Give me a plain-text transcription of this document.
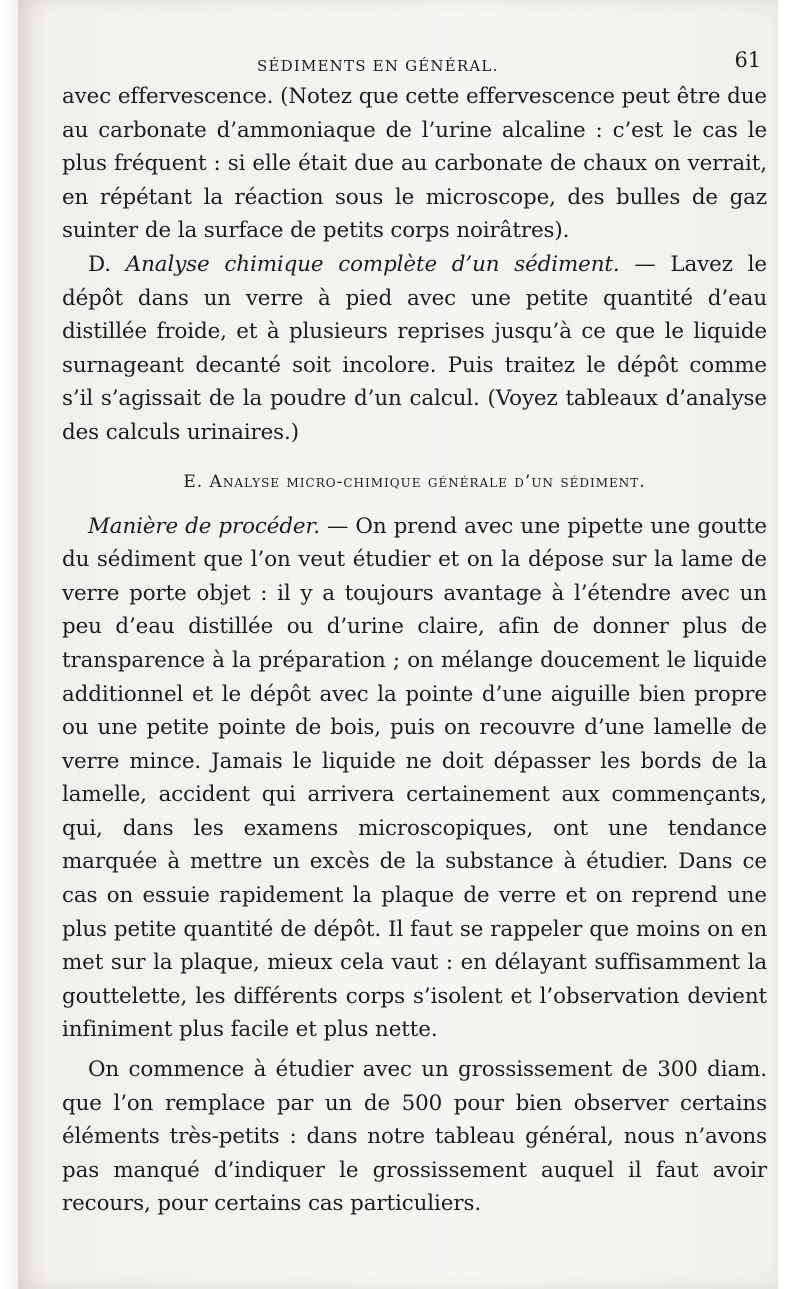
SÉDIMENTS EN GÉNÉRAL.	61

avec effervescence. (Notez que cette effervescence peut être due au carbonate d’ammoniaque de l’urine alcaline : c’est le cas le plus fréquent : si elle était due au carbonate de chaux on verrait, en répétant la réaction sous le microscope, des bulles de gaz suinter de la surface de petits corps noirâtres).

D. Analyse chimique complète d’un sédiment. — Lavez le dépôt dans un verre à pied avec une petite quantité d’eau distillée froide, et à plusieurs reprises jusqu’à ce que le liquide surnageant decanté soit incolore. Puis traitez le dépôt comme s’il s’agissait de la poudre d’un calcul. (Voyez tableaux d’analyse des calculs urinaires.)

E. Analyse micro-chimique générale d’un sédiment.

Manière de procéder. — On prend avec une pipette une goutte du sédiment que l’on veut étudier et on la dépose sur la lame de verre porte objet : il y a toujours avantage à l’étendre avec un peu d’eau distillée ou d’urine claire, afin de donner plus de transparence à la préparation ; on mélange doucement le liquide additionnel et le dépôt avec la pointe d’une aiguille bien propre ou une petite pointe de bois, puis on recouvre d’une lamelle de verre mince. Jamais le liquide ne doit dépasser les bords de la lamelle, accident qui arrivera certainement aux commençants, qui, dans les examens microscopiques, ont une tendance marquée à mettre un excès de la substance à étudier. Dans ce cas on essuie rapidement la plaque de verre et on reprend une plus petite quantité de dépôt. Il faut se rappeler que moins on en met sur la plaque, mieux cela vaut : en délayant suffisamment la gouttelette, les différents corps s’isolent et l’observation devient infiniment plus facile et plus nette.

On commence à étudier avec un grossissement de 300 diam. que l’on remplace par un de 500 pour bien observer certains éléments très-petits : dans notre tableau général, nous n’avons pas manqué d’indiquer le grossissement auquel il faut avoir recours, pour certains cas particuliers.
